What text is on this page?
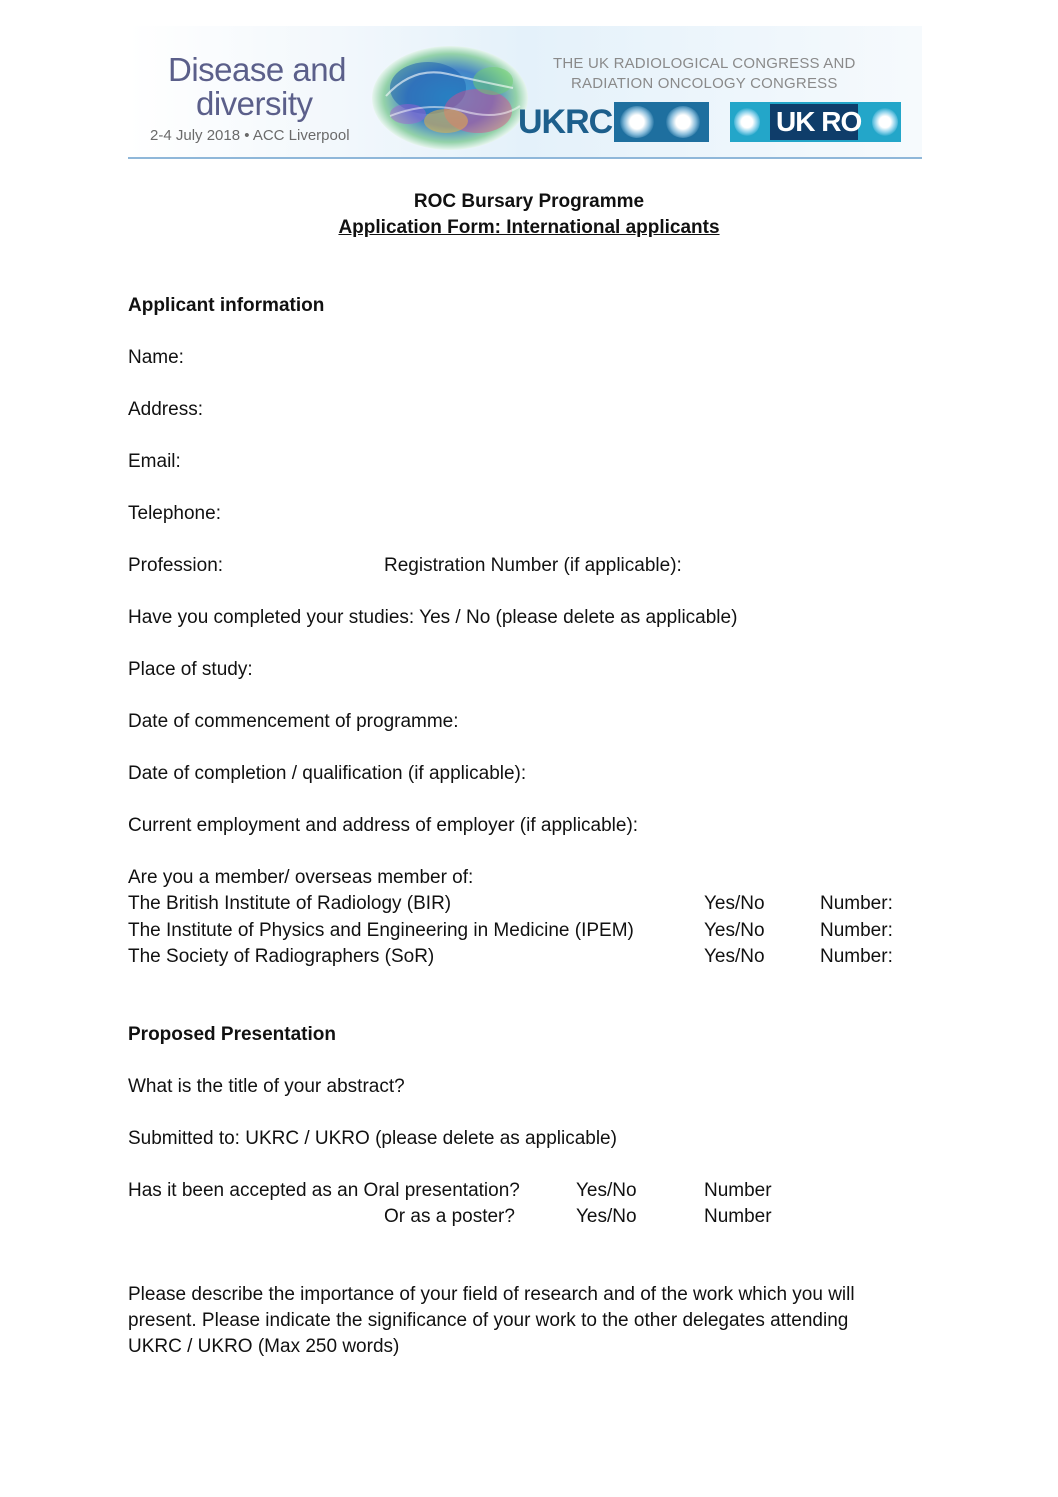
Disease and
diversity
2-4 July 2018 • ACC Liverpool
THE UK RADIOLOGICAL CONGRESS AND
RADIATION ONCOLOGY CONGRESS
UKRC	UK RO
ROC Bursary Programme
Application Form: International applicants
Applicant information
Name:
Address:
Email:
Telephone:
Profession:	Registration Number (if applicable):
Have you completed your studies: Yes / No (please delete as applicable)
Place of study:
Date of commencement of programme:
Date of completion / qualification (if applicable):
Current employment and address of employer (if applicable):
Are you a member/ overseas member of:
The British Institute of Radiology (BIR)	Yes/No	Number:
The Institute of Physics and Engineering in Medicine (IPEM)	Yes/No	Number:
The Society of Radiographers (SoR)	Yes/No	Number:
Proposed Presentation
What is the title of your abstract?
Submitted to: UKRC / UKRO (please delete as applicable)
Has it been accepted as an Oral presentation?	Yes/No	Number
Or as a poster?	Yes/No	Number
Please describe the importance of your field of research and of the work which you will
present. Please indicate the significance of your work to the other delegates attending
UKRC / UKRO (Max 250 words)
